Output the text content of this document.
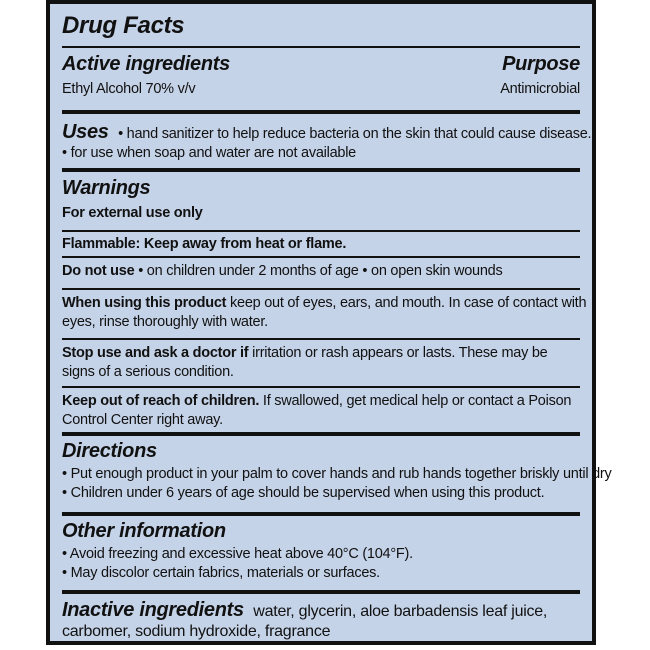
Drug Facts
Active ingredients	Purpose
Ethyl Alcohol 70% v/v	Antimicrobial
Uses • hand sanitizer to help reduce bacteria on the skin that could cause disease.
• for use when soap and water are not available
Warnings
For external use only
Flammable: Keep away from heat or flame.
Do not use • on children under 2 months of age • on open skin wounds
When using this product keep out of eyes, ears, and mouth. In case of contact with
eyes, rinse thoroughly with water.
Stop use and ask a doctor if irritation or rash appears or lasts. These may be
signs of a serious condition.
Keep out of reach of children. If swallowed, get medical help or contact a Poison
Control Center right away.
Directions
• Put enough product in your palm to cover hands and rub hands together briskly until dry
• Children under 6 years of age should be supervised when using this product.
Other information
• Avoid freezing and excessive heat above 40°C (104°F).
• May discolor certain fabrics, materials or surfaces.
Inactive ingredients water, glycerin, aloe barbadensis leaf juice,
carbomer, sodium hydroxide, fragrance
